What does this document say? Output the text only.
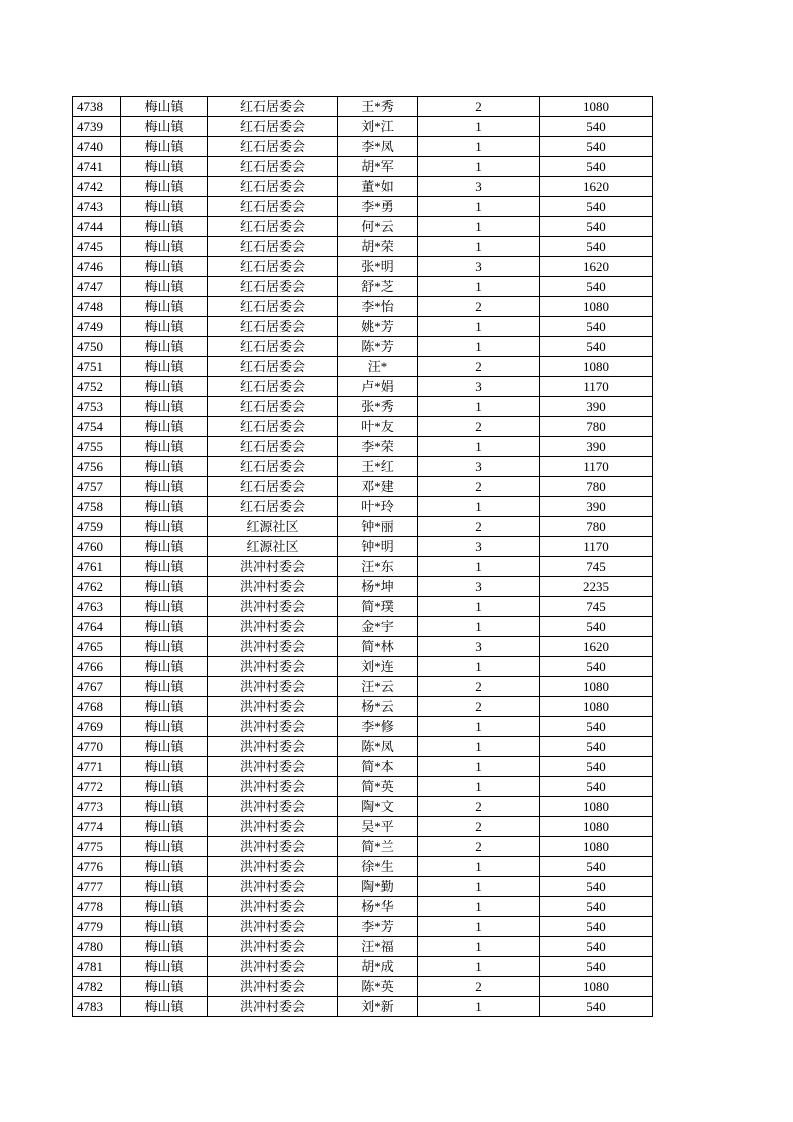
4738	梅山镇	红石居委会	王*秀	2	1080
4739	梅山镇	红石居委会	刘*江	1	540
4740	梅山镇	红石居委会	李*凤	1	540
4741	梅山镇	红石居委会	胡*军	1	540
4742	梅山镇	红石居委会	董*如	3	1620
4743	梅山镇	红石居委会	李*勇	1	540
4744	梅山镇	红石居委会	何*云	1	540
4745	梅山镇	红石居委会	胡*荣	1	540
4746	梅山镇	红石居委会	张*明	3	1620
4747	梅山镇	红石居委会	舒*芝	1	540
4748	梅山镇	红石居委会	李*怡	2	1080
4749	梅山镇	红石居委会	姚*芳	1	540
4750	梅山镇	红石居委会	陈*芳	1	540
4751	梅山镇	红石居委会	汪*	2	1080
4752	梅山镇	红石居委会	卢*娟	3	1170
4753	梅山镇	红石居委会	张*秀	1	390
4754	梅山镇	红石居委会	叶*友	2	780
4755	梅山镇	红石居委会	李*荣	1	390
4756	梅山镇	红石居委会	王*红	3	1170
4757	梅山镇	红石居委会	邓*建	2	780
4758	梅山镇	红石居委会	叶*玲	1	390
4759	梅山镇	红源社区	钟*丽	2	780
4760	梅山镇	红源社区	钟*明	3	1170
4761	梅山镇	洪冲村委会	汪*东	1	745
4762	梅山镇	洪冲村委会	杨*坤	3	2235
4763	梅山镇	洪冲村委会	简*璞	1	745
4764	梅山镇	洪冲村委会	金*宇	1	540
4765	梅山镇	洪冲村委会	简*林	3	1620
4766	梅山镇	洪冲村委会	刘*连	1	540
4767	梅山镇	洪冲村委会	汪*云	2	1080
4768	梅山镇	洪冲村委会	杨*云	2	1080
4769	梅山镇	洪冲村委会	李*修	1	540
4770	梅山镇	洪冲村委会	陈*凤	1	540
4771	梅山镇	洪冲村委会	简*本	1	540
4772	梅山镇	洪冲村委会	简*英	1	540
4773	梅山镇	洪冲村委会	陶*文	2	1080
4774	梅山镇	洪冲村委会	吴*平	2	1080
4775	梅山镇	洪冲村委会	简*兰	2	1080
4776	梅山镇	洪冲村委会	徐*生	1	540
4777	梅山镇	洪冲村委会	陶*勤	1	540
4778	梅山镇	洪冲村委会	杨*华	1	540
4779	梅山镇	洪冲村委会	李*芳	1	540
4780	梅山镇	洪冲村委会	汪*福	1	540
4781	梅山镇	洪冲村委会	胡*成	1	540
4782	梅山镇	洪冲村委会	陈*英	2	1080
4783	梅山镇	洪冲村委会	刘*新	1	540
